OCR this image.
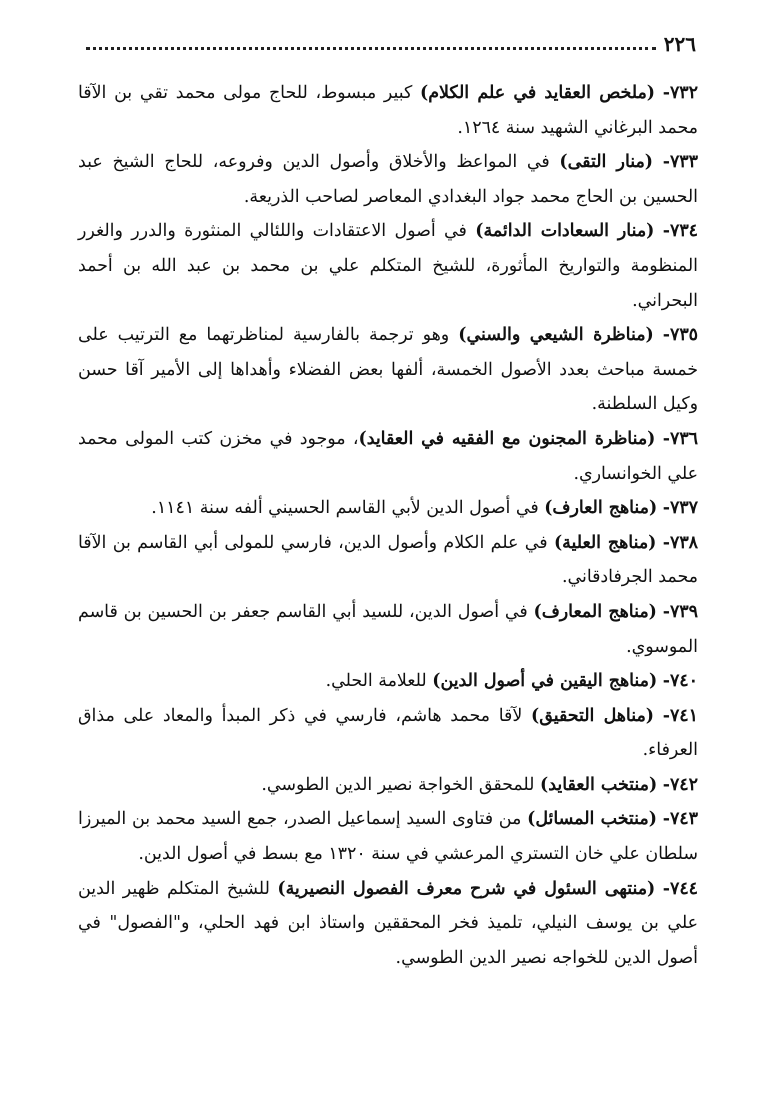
٢٢٦

٧٣٢- (ملخص العقايد في علم الكلام) كبير مبسوط، للحاج مولى محمد تقي بن الآقا محمد البرغاني الشهيد سنة ١٢٦٤.

٧٣٣- (منار التقى) في المواعظ والأخلاق وأصول الدين وفروعه، للحاج الشيخ عبد الحسين بن الحاج محمد جواد البغدادي المعاصر لصاحب الذريعة.

٧٣٤- (منار السعادات الدائمة) في أصول الاعتقادات واللئالي المنثورة والدرر والغرر المنظومة والتواريخ المأثورة، للشيخ المتكلم علي بن محمد بن عبد الله بن أحمد البحراني.

٧٣٥- (مناظرة الشيعي والسني) وهو ترجمة بالفارسية لمناظرتهما مع الترتيب على خمسة مباحث بعدد الأصول الخمسة، ألفها بعض الفضلاء وأهداها إلى الأمير آقا حسن وكيل السلطنة.

٧٣٦- (مناظرة المجنون مع الفقيه في العقايد)، موجود في مخزن كتب المولى محمد علي الخوانساري.

٧٣٧- (مناهج العارف) في أصول الدين لأبي القاسم الحسيني ألفه سنة ١١٤١.

٧٣٨- (مناهج العلية) في علم الكلام وأصول الدين، فارسي للمولى أبي القاسم بن الآقا محمد الجرفادقاني.

٧٣٩- (مناهج المعارف) في أصول الدين، للسيد أبي القاسم جعفر بن الحسين بن قاسم الموسوي.

٧٤٠- (مناهج اليقين في أصول الدين) للعلامة الحلي.

٧٤١- (مناهل التحقيق) لآقا محمد هاشم، فارسي في ذكر المبدأ والمعاد على مذاق العرفاء.

٧٤٢- (منتخب العقايد) للمحقق الخواجة نصير الدين الطوسي.

٧٤٣- (منتخب المسائل) من فتاوى السيد إسماعيل الصدر، جمع السيد محمد بن الميرزا سلطان علي خان التستري المرعشي في سنة ١٣٢٠ مع بسط في أصول الدين.

٧٤٤- (منتهى السئول في شرح معرف الفصول النصيرية) للشيخ المتكلم ظهير الدين علي بن يوسف النيلي، تلميذ فخر المحققين واستاذ ابن فهد الحلي، و"الفصول" في أصول الدين للخواجه نصير الدين الطوسي.
